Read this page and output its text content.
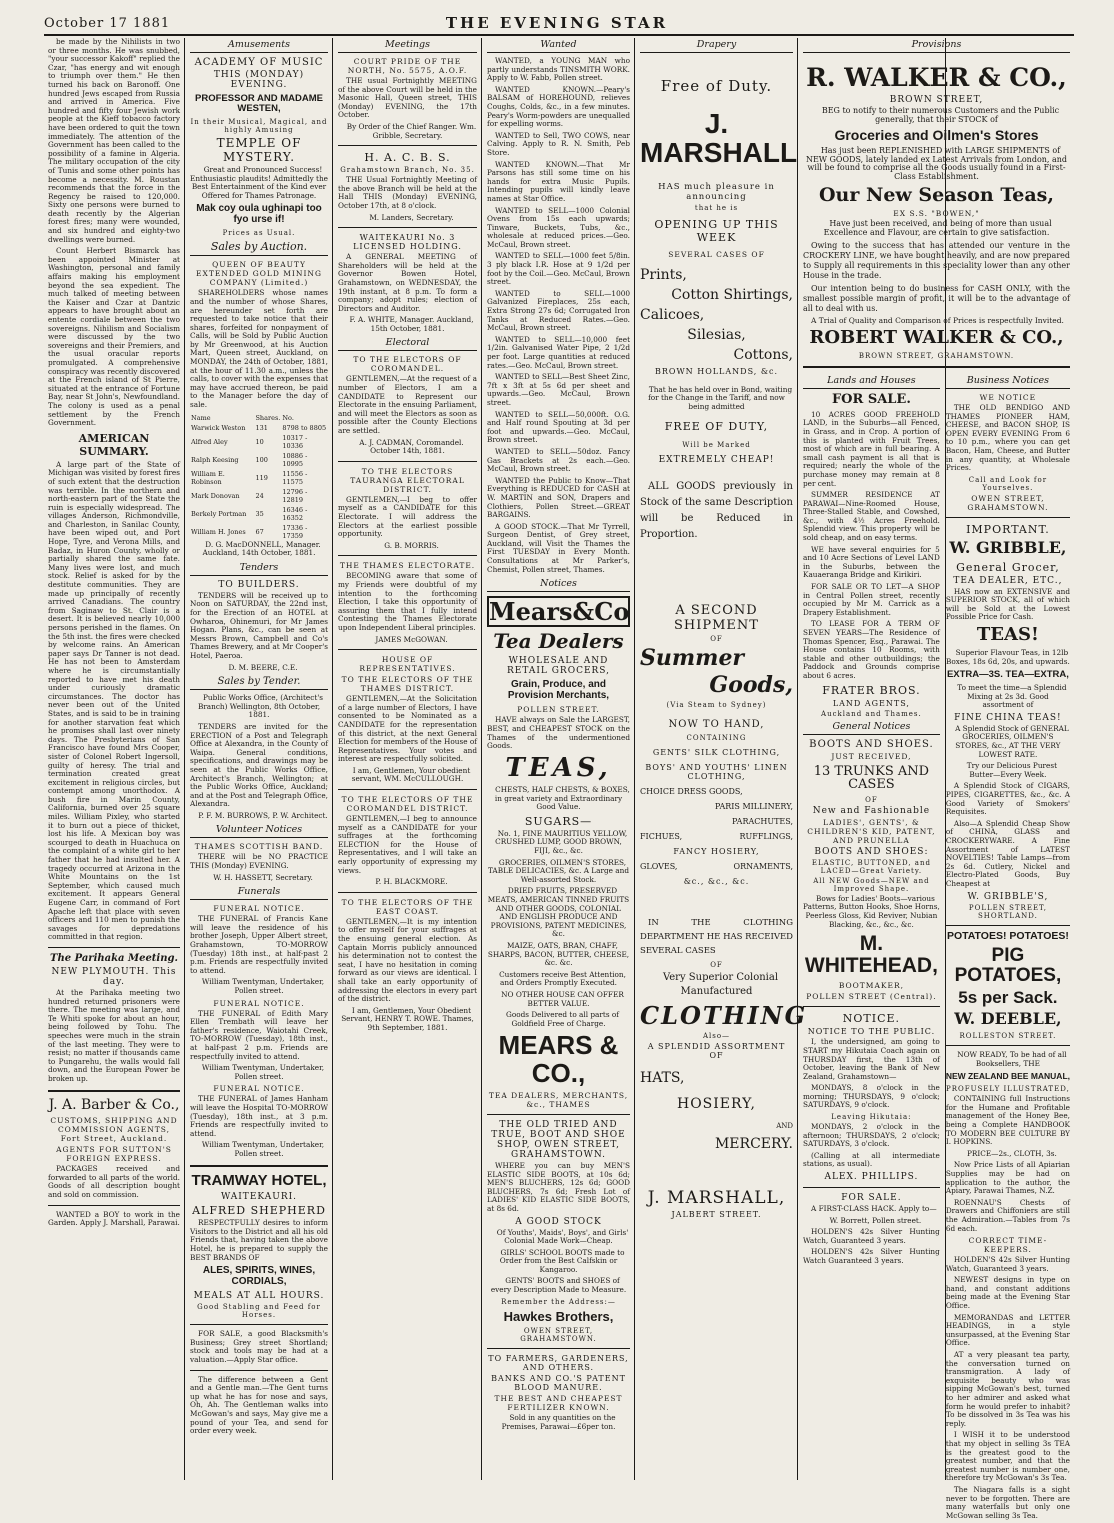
October 17 1881	THE EVENING STAR

be made by the Nihilists in two or three months. He was snubbed, "your successor Kakoff" replied the Czar, "has energy and wit enough to triumph over them." He then turned his back on Baronoff. One hundred Jews escaped from Russia and arrived in America. Five hundred and fifty four Jewish work people at the Kieff tobacco factory have been ordered to quit the town immediately. The attention of the Government has been called to the possibility of a famine in Algeria. The military occupation of the city of Tunis and some other points has become a necessity. M. Roustan recommends that the force in the Regency be raised to 120,000. Sixty one persons were burned to death recently by the Algerian forest fires; many were wounded, and six hundred and eighty-two dwellings were burned.

Count Herbert Bismarck has been appointed Minister at Washington, personal and family affairs making his employment beyond the sea expedient. The much talked of meeting between the Kaiser and Czar at Dantzic appears to have brought about an entente cordiale between the two sovereigns. Nihilism and Socialism were discussed by the two sovereigns and their Premiers, and the usual oracular reports promulgated. A comprehensive conspiracy was recently discovered at the French island of St Pierre, situated at the entrance of Fortune Bay, near St John's, Newfoundland. The colony is used as a penal settlement by the French Government.

AMERICAN SUMMARY.

A large part of the State of Michigan was visited by forest fires of such extent that the destruction was terrible. In the northern and north-eastern part of the State the ruin is especially widespread. The villages Anderson, Richmondville, and Charleston, in Sanilac County, have been wiped out, and Port Hope, Tyre, and Verona Mills, and Badaz, in Huron County, wholly or partially shared the same fate. Many lives were lost, and much stock. Relief is asked for by the destitute communities. They are made up principally of recently arrived Canadians. The country from Saginaw to St. Clair is a desert. It is believed nearly 10,000 persons perished in the flames. On the 5th inst. the fires were checked by welcome rains. An American paper says Dr Tanner is not dead. He has not been to Amsterdam where he is circumstantially reported to have met his death under curiously dramatic circumstances. The doctor has never been out of the United States, and is said to be in training for another starvation feat which he promises shall last over ninety days. The Presbyterians of San Francisco have found Mrs Cooper, sister of Colonel Robert Ingersoll, guilty of heresy. The trial and termination created great excitement in religious circles, but contempt among unorthodox. A bush fire in Marin County, California, burned over 25 square miles. William Pixley, who started it to burn out a piece of thicket, lost his life. A Mexican boy was scourged to death in Huachuca on the complaint of a white girl to her father that he had insulted her. A tragedy occurred at Arizona in the White Mountains on the 1st September, which caused much excitement. It appears General Eugene Carr, in command of Fort Apache left that place with seven officers and 110 men to punish the savages for depredations committed in that region.

The Parihaka Meeting.
NEW PLYMOUTH. This day.

At the Parihaka meeting two hundred returned prisoners were there. The meeting was large, and Te Whiti spoke for about an hour, being followed by Tohu. The speeches were much in the strain of the last meeting. They were to resist; no matter if thousands came to Pungarehu, the walls would fall down, and the European Power be broken up.

J. A. Barber & Co.,
CUSTOMS, SHIPPING AND COMMISSION AGENTS, Fort Street, Auckland.
AGENTS FOR SUTTON'S FOREIGN EXPRESS.

PACKAGES received and forwarded to all parts of the world. Goods of all description bought and sold on commission.

WANTED a BOY to work in the Garden. Apply J. Marshall, Parawai.

Amusements
ACADEMY OF MUSIC
THIS (MONDAY) EVENING.
PROFESSOR AND MADAME WESTEN,
In their Musical, Magical, and highly Amusing
TEMPLE OF MYSTERY.

Great and Pronounced Success! Enthusiastic plaudits! Admittedly the Best Entertainment of the Kind ever Offered for Thames Patronage.

Mak coy oula ughinapi too fyo urse if!
Prices as Usual.
Sales by Auction.
QUEEN OF BEAUTY EXTENDED GOLD MINING COMPANY (Limited.)

SHAREHOLDERS whose names and the number of whose Shares, are hereunder set forth are requested to take notice that their shares, forfeited for nonpayment of Calls, will be Sold by Public Auction by Mr Greenwood, at his Auction Mart, Queen street, Auckland, on MONDAY, the 24th of October, 1881, at the hour of 11.30 a.m., unless the calls, to cover with the expenses that may have accrued thereon, be paid to the Manager before the day of sale.

Name	Shares.	No.
Warwick Weston	131	8798 to 8805
Alfred Aley	10	10317 - 10336
Ralph Keesing	100	10886 - 10995
William E. Robinson	119	11556 - 11575
Mark Donovan	24	12796 - 12819
Berkely Portman	35	16346 - 16352
William H. Jones	67	17336 - 17359

D. G. MacDONNELL, Manager. Auckland, 14th October, 1881.

Tenders
TO BUILDERS.

TENDERS will be received up to Noon on SATURDAY, the 22nd inst, for the Erection of an HOTEL at Owharoa, Ohinemuri, for Mr James Hogan. Plans, &c., can be seen at Messrs Brown, Campbell and Co's Thames Brewery, and at Mr Cooper's Hotel, Paeroa.

D. M. BEERE, C.E.

Sales by Tender.

Public Works Office, (Architect's Branch) Wellington, 8th October, 1881.

TENDERS are invited for the ERECTION of a Post and Telegraph Office at Alexandra, in the County of Waipa. General conditions, specifications, and drawings may be seen at the Public Works Office, Architect's Branch, Wellington; at the Public Works Office, Auckland; and at the Post and Telegraph Office, Alexandra.

P. F. M. BURROWS, P. W. Architect.

Volunteer Notices
THAMES SCOTTISH BAND.

THERE will be NO PRACTICE THIS (Monday) EVENING.

W. H. HASSETT, Secretary.

Funerals
FUNERAL NOTICE.

THE FUNERAL of Francis Kane will leave the residence of his brother Joseph, Upper Albert street, Grahamstown, TO-MORROW (Tuesday) 18th inst., at half-past 2 p.m. Friends are respectfully invited to attend.

William Twentyman, Undertaker, Pollen street.

FUNERAL NOTICE.

THE FUNERAL of Edith Mary Ellen Trembath will leave her father's residence, Waiotahi Creek, TO-MORROW (Tuesday), 18th inst., at half-past 2 p.m. Friends are respectfully invited to attend.

William Twentyman, Undertaker, Pollen street.

FUNERAL NOTICE.

THE FUNERAL of James Hanham will leave the Hospital TO-MORROW (Tuesday), 18th inst., at 3 p.m. Friends are respectfully invited to attend.

William Twentyman, Undertaker, Pollen street.

TRAMWAY HOTEL,
WAITEKAURI.
ALFRED SHEPHERD

RESPECTFULLY desires to inform Visitors to the District and all his old Friends that, having taken the above Hotel, he is prepared to supply the BEST BRANDS OF

ALES, SPIRITS, WINES, CORDIALS,
MEALS AT ALL HOURS.
Good Stabling and Feed for Horses.

FOR SALE, a good Blacksmith's Business; Grey street Shortland; stock and tools may be had at a valuation.—Apply Star office.

The difference between a Gent and a Gentle man.—The Gent turns up what he has for nose and says, Oh, Ah. The Gentleman walks into McGowan's and says, May give me a pound of your Tea, and send for order every week.

Meetings
COURT PRIDE OF THE NORTH, No. 5575, A.O.F.

THE usual Fortnightly MEETING of the above Court will be held in the Masonic Hall, Queen street, THIS (Monday) EVENING, the 17th October.

By Order of the Chief Ranger. Wm. Gribble, Secretary.

H. A. C. B. S.
Grahamstown Branch, No. 35.

THE Usual Fortnightly Meeting of the above Branch will be held at the Hall THIS (Monday) EVENING, October 17th, at 8 o'clock.

M. Landers, Secretary.

WAITEKAURI No. 3 LICENSED HOLDING.

A GENERAL MEETING of Shareholders will be held at the Governor Bowen Hotel, Grahamstown, on WEDNESDAY, the 19th instant, at 8 p.m. To form a company; adopt rules; election of Directors and Auditor.

F. A. WHITE, Manager. Auckland, 15th October, 1881.

Electoral
TO THE ELECTORS OF COROMANDEL.

GENTLEMEN,—At the request of a number of Electors, I am a CANDIDATE to Represent our Electorate in the ensuing Parliament, and will meet the Electors as soon as possible after the County Elections are settled.

A. J. CADMAN, Coromandel. October 14th, 1881.

TO THE ELECTORS TAURANGA ELECTORAL DISTRICT.

GENTLEMEN,—I beg to offer myself as a CANDIDATE for this Electorate. I will address the Electors at the earliest possible opportunity.

G. B. MORRIS.

THE THAMES ELECTORATE.

BECOMING aware that some of my Friends were doubtful of my intention to the forthcoming Election, I take this opportunity of assuring them that I fully intend Contesting the Thames Electorate upon Independent Liberal principles.

JAMES McGOWAN.

HOUSE OF REPRESENTATIVES.
TO THE ELECTORS OF THE THAMES DISTRICT.

GENTLEMEN,—At the Solicitation of a large number of Electors, I have consented to be Nominated as a CANDIDATE for the representation of this district, at the next General Election for members of the House of Representatives. Your votes and interest are respectfully solicited.

I am, Gentlemen, Your obedient servant, WM. McCULLOUGH.

TO THE ELECTORS OF THE COROMANDEL DISTRICT.

GENTLEMEN,—I beg to announce myself as a CANDIDATE for your suffrages at the forthcoming ELECTION for the House of Representatives, and I will take an early opportunity of expressing my views.

P. H. BLACKMORE.

TO THE ELECTORS OF THE EAST COAST.

GENTLEMEN,—It is my intention to offer myself for your suffrages at the ensuing general election. As Captain Morris publicly announced his determination not to contest the seat, I have no hesitation in coming forward as our views are identical. I shall take an early opportunity of addressing the electors in every part of the district.

I am, Gentlemen, Your Obedient Servant, HENRY T. ROWE. Thames, 9th September, 1881.

Wanted

WANTED, a YOUNG MAN who partly understands TINSMITH WORK. Apply to W. Fabb, Pollen street.

WANTED KNOWN.—Peary's BALSAM of HOREHOUND, relieves Coughs, Colds, &c., in a few minutes. Peary's Worm-powders are unequalled for expelling worms.

WANTED to Sell, TWO COWS, near Calving. Apply to R. N. Smith, Peb Store.

WANTED KNOWN.—That Mr Parsons has still some time on his hands for extra Music Pupils. Intending pupils will kindly leave names at Star Office.

WANTED to SELL—1000 Colonial Ovens from 15s each upwards; Tinware, Buckets, Tubs, &c., wholesale at reduced prices.—Geo. McCaul, Brown street.

WANTED to SELL—1000 feet 5/8in. 3 ply black I.R. Hose at 9 1/2d per foot by the Coil.—Geo. McCaul, Brown street.

WANTED to SELL—1000 Galvanized Fireplaces, 25s each, Extra Strong 27s 6d; Corrugated Iron Tanks at Reduced Rates.—Geo. McCaul, Brown street.

WANTED to SELL—10,000 feet 1/2in. Galvanised Water Pipe, 2 1/2d per foot. Large quantities at reduced rates.—Geo. McCaul, Brown street.

WANTED to SELL—Best Sheet Zinc, 7ft x 3ft at 5s 6d per sheet and upwards.—Geo. McCaul, Brown street.

WANTED to SELL—50,000ft. O.G. and Half round Spouting at 3d per foot and upwards.—Geo. McCaul, Brown street.

WANTED to SELL—50doz. Fancy Gas Brackets at 2s each.—Geo. McCaul, Brown street.

WANTED the Public to Know—That Everything is REDUCED for CASH at W. MARTIN and SON, Drapers and Clothiers, Pollen Street.—GREAT BARGAINS.

A GOOD STOCK.—That Mr Tyrrell, Surgeon Dentist, of Grey street, Auckland, will Visit the Thames the First TUESDAY in Every Month. Consultations at Mr Parker's, Chemist, Pollen street, Thames.

Notices
Mears&Co
Tea Dealers
WHOLESALE AND RETAIL GROCERS,
Grain, Produce, and Provision Merchants,
POLLEN STREET.

HAVE always on Sale the LARGEST, BEST, and CHEAPEST STOCK on the Thames of the undermentioned Goods.

TEAS,

CHESTS, HALF CHESTS, & BOXES, in great variety and Extraordinary Good Value.

SUGARS—

No. 1, FINE MAURITIUS YELLOW, CRUSHED LUMP, GOOD BROWN, FIJI, &c., &c.

GROCERIES, OILMEN'S STORES, TABLE DELICACIES, &c. A Large and Well-assorted Stock.

DRIED FRUITS, PRESERVED MEATS, AMERICAN TINNED FRUITS AND OTHER GOODS, COLONIAL AND ENGLISH PRODUCE AND PROVISIONS, PATENT MEDICINES, &c.

MAIZE, OATS, BRAN, CHAFF, SHARPS, BACON, BUTTER, CHEESE, &c. &c.

Customers receive Best Attention, and Orders Promptly Executed.

NO OTHER HOUSE CAN OFFER BETTER VALUE.

Goods Delivered to all parts of Goldfield Free of Charge.

MEARS & CO.,
TEA DEALERS, MERCHANTS, &c., THAMES
THE OLD TRIED AND TRUE, BOOT AND SHOE SHOP, OWEN STREET, GRAHAMSTOWN.

WHERE you can buy MEN'S ELASTIC SIDE BOOTS, at 10s 6d; MEN'S BLUCHERS, 12s 6d; GOOD BLUCHERS, 7s 6d; Fresh Lot of LADIES' KID ELASTIC SIDE BOOTS, at 8s 6d.

A GOOD STOCK

Of Youths', Maids', Boys', and Girls' Colonial Made Work—Cheap.

GIRLS' SCHOOL BOOTS made to Order from the Best Calfskin or Kangaroo.

GENTS' BOOTS and SHOES of every Description Made to Measure.

Remember the Address:—
Hawkes Brothers,
OWEN STREET, GRAHAMSTOWN.
TO FARMERS, GARDENERS, AND OTHERS.
BANKS AND CO.'S PATENT BLOOD MANURE.
THE BEST AND CHEAPEST FERTILIZER KNOWN.

Sold in any quantities on the Premises, Parawai—£6per ton.

Drapery
Free of Duty.
J. MARSHALL
HAS much pleasure in announcing
that he is
OPENING UP THIS WEEK
SEVERAL CASES OF
Prints,
Cotton Shirtings,
Calicoes,
Silesias,
Cottons,
BROWN HOLLANDS, &c.

That he has held over in Bond, waiting for the Change in the Tariff, and now being admitted

FREE OF DUTY,
Will be Marked
EXTREMELY CHEAP!

ALL GOODS previously in Stock of the same Description will be Reduced in Proportion.

A SECOND SHIPMENT
OF
Summer
Goods,
(Via Steam to Sydney)
NOW TO HAND,
CONTAINING
GENTS' SILK CLOTHING,
BOYS' AND YOUTHS' LINEN CLOTHING,
CHOICE DRESS GOODS,
PARIS MILLINERY,
PARACHUTES,
FICHUES,	RUFFLINGS,
FANCY HOSIERY,
GLOVES,	ORNAMENTS,
&c., &c., &c.

IN THE CLOTHING DEPARTMENT HE HAS RECEIVED SEVERAL CASES

OF

Very Superior Colonial Manufactured

CLOTHING
Also—
A SPLENDID ASSORTMENT OF
HATS,
HOSIERY,
AND
MERCERY.
J. MARSHALL,
JALBERT STREET.
Provisions
R. WALKER & CO.,
BROWN STREET,

BEG to notify to their numerous Customers and the Public generally, that their STOCK of

Groceries and Oilmen's Stores

Has just been REPLENISHED with LARGE SHIPMENTS of NEW GOODS, lately landed ex Latest Arrivals from London, and will be found to comprise all the Goods usually found in a First-Class Establishment.

Our New Season Teas,
EX S.S. "BOWEN,"

Have just been received, and being of more than usual Excellence and Flavour, are certain to give satisfaction.

Owing to the success that has attended our venture in the CROCKERY LINE, we have bought heavily, and are now prepared to Supply all requirements in this speciality lower than any other House in the trade.

Our intention being to do business for CASH ONLY, with the smallest possible margin of profit, it will be to the advantage of all to deal with us.

A Trial of Quality and Comparison of Prices is respectfully Invited.

ROBERT WALKER & CO.,
BROWN STREET, GRAHAMSTOWN.
Lands and Houses
FOR SALE.

10 ACRES GOOD FREEHOLD LAND, in the Suburbs—all Fenced, in Grass, and in Crop. A portion of this is planted with Fruit Trees, most of which are in full bearing. A small cash payment is all that is required; nearly the whole of the purchase money may remain at 8 per cent.

SUMMER RESIDENCE AT PARAWAI—Nine-Roomed House, Three-Stalled Stable, and Cowshed, &c., with 4½ Acres Freehold. Splendid view. This property will be sold cheap, and on easy terms.

WE have several enquiries for 5 and 10 Acre Sections of Level LAND in the Suburbs, between the Kauaeranga Bridge and Kirikiri.

FOR SALE OR TO LET—A SHOP in Central Pollen street, recently occupied by Mr M. Carrick as a Drapery Establishment.

TO LEASE FOR A TERM OF SEVEN YEARS—The Residence of Thomas Spencer, Esq., Parawai. The House contains 10 Rooms, with stable and other outbuildings; the Paddock and Grounds comprise about 6 acres.

FRATER BROS.
LAND AGENTS,
Auckland and Thames.
General Notices
BOOTS AND SHOES.
JUST RECEIVED,
13 TRUNKS AND CASES
OF
New and Fashionable
LADIES', GENTS', & CHILDREN'S KID, PATENT, AND PRUNELLA
BOOTS AND SHOES:
ELASTIC, BUTTONED, and LACED—Great Variety.
All NEW Goods—NEW and Improved Shape.

Bows for Ladies' Boots—various Patterns, Button Hooks, Shoe Horns, Peerless Gloss, Kid Reviver, Nubian Blacking, &c., &c., &c.

M. WHITEHEAD,
BOOTMAKER,
POLLEN STREET (Central).
NOTICE.
NOTICE TO THE PUBLIC.

I, the undersigned, am going to START my Hikutaia Coach again on THURSDAY first, the 13th of October, leaving the Bank of New Zealand, Grahamstown—

MONDAYS, 8 o'clock in the morning; THURSDAYS, 9 o'clock; SATURDAYS, 9 o'clock.

Leaving Hikutaia:

MONDAYS, 2 o'clock in the afternoon; THURSDAYS, 2 o'clock; SATURDAYS, 3 o'clock.

(Calling at all intermediate stations, as usual).

ALEX. PHILLIPS.
FOR SALE.

A FIRST-CLASS HACK. Apply to—

W. Borrett, Pollen street.

HOLDEN'S 42s Silver Hunting Watch, Guaranteed 3 years.

HOLDEN'S 42s Silver Hunting Watch Guaranteed 3 years.

Business Notices
WE NOTICE

THE OLD BENDIGO AND THAMES PIONEER HAM, CHEESE, and BACON SHOP, IS OPEN EVERY EVENING From 6 to 10 p.m., where you can get Bacon, Ham, Cheese, and Butter in any quantity, at Wholesale Prices.

Call and Look for Yourselves.
OWEN STREET, GRAHAMSTOWN.
IMPORTANT.
W. GRIBBLE,
General Grocer,
TEA DEALER, ETC.,

HAS now an EXTENSIVE and SUPERIOR STOCK, all of which will be Sold at the Lowest Possible Price for Cash.

TEAS!

Superior Flavour Teas, in 12lb Boxes, 18s 6d, 20s, and upwards.

EXTRA—3S. TEA—EXTRA,

To meet the time—a Splendid Mixing at 2s 3d. Good assortment of

FINE CHINA TEAS!

A Splendid Stock of GENERAL GROCERIES, OILMEN'S STORES, &c., AT THE VERY LOWEST RATE.

Try our Delicious Purest Butter—Every Week.

A Splendid Stock of CIGARS, PIPES, CIGARETTES, &c., &c. A Good Variety of Smokers' Requisites.

Also—A Splendid Cheap Show of CHINA, GLASS and CROCKERYWARE. A Fine Assortment of LATEST NOVELTIES! Table Lamps—from 2s 6d. Cutlery, Nickel and Electro-Plated Goods, Buy Cheapest at

W. GRIBBLE'S,
POLLEN STREET, SHORTLAND.
POTATOES! POTATOES!
PIG POTATOES,
5s per Sack.
W. DEEBLE,
ROLLESTON STREET.

NOW READY, To be had of all Booksellers, THE

NEW ZEALAND BEE MANUAL,
PROFUSELY ILLUSTRATED,

CONTAINING full Instructions for the Humane and Profitable management of the Honey Bee, being a Complete HANDBOOK TO MODERN BEE CULTURE BY I. HOPKINS.

PRICE—2s., CLOTH, 3s.

Now Price Lists of all Apiarian Supplies may be had on application to the author, the Apiary, Parawai Thames, N.Z.

ROENNAU'S Chests of Drawers and Chiffoniers are still the Admiration.—Tables from 7s 6d each.

CORRECT TIME-KEEPERS.

HOLDEN'S 42s Silver Hunting Watch, Guaranteed 3 years.

NEWEST designs in type on hand, and constant additions being made at the Evening Star Office.

MEMORANDAS and LETTER HEADINGS, in a style unsurpassed, at the Evening Star Office.

AT a very pleasant tea party, the conversation turned on transmigration. A lady of exquisite beauty who was sipping McGowan's best, turned to her admirer and asked what form he would prefer to inhabit? To be dissolved in 3s Tea was his reply.

I WISH it to be understood that my object in selling 3s TEA is the greatest good to the greatest number, and that the greatest number is number one, therefore try McGowan's 3s Tea.

The Niagara falls is a sight never to be forgotten. There are many waterfalls but only one McGowan selling 3s Tea.
